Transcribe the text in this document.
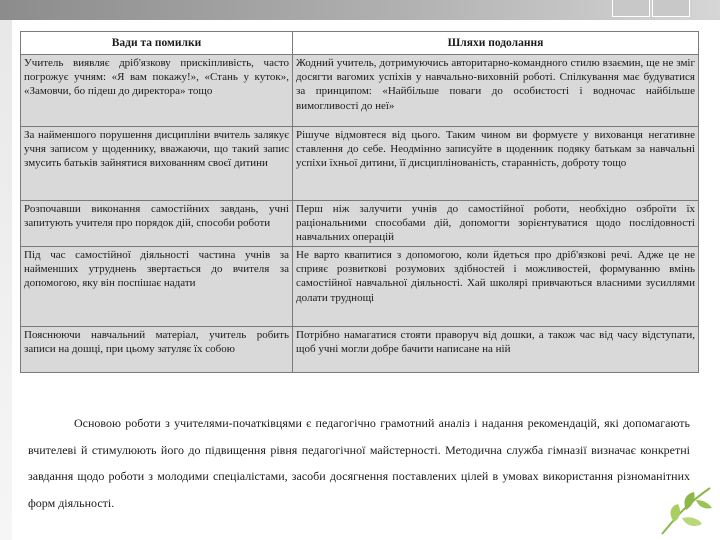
Вади та помилки	Шляхи подолання
Учитель виявляє дріб'язкову прискіпливість, часто погрожує учням: «Я вам покажу!», «Стань у куток», «Замовчи, бо підеш до директора» тощо	Жодний учитель, дотримуючись авторитарно-командного стилю взаємин, ще не зміг досягти вагомих успіхів у навчально-виховній роботі. Спілкування має будуватися за принципом: «Найбільше поваги до особистості і водночас найбільше вимогливості до неї»
За найменшого порушення дисципліни вчитель залякує учня записом у щоденнику, вважаючи, що такий запис змусить батьків зайнятися вихованням своєї дитини	Рішуче відмовтеся від цього. Таким чином ви формуєте у вихованця негативне ставлення до себе. Неодмінно записуйте в щоденник подяку батькам за навчальні успіхи їхньої дитини, її дисциплінованість, старанність, доброту тощо
Розпочавши виконання самостійних завдань, учні запитують учителя про порядок дій, способи роботи	Перш ніж залучити учнів до самостійної роботи, необхідно озброїти їх раціональними способами дій, допомогти зорієнтуватися щодо послідовності навчальних операцій
Під час самостійної діяльності частина учнів за найменших утруднень звертається до вчителя за допомогою, яку він поспішає надати	Не варто квапитися з допомогою, коли йдеться про дріб'язкові речі. Адже це не сприяє розвиткові розумових здібностей і можливостей, формуванню вмінь самостійної навчальної діяльності. Хай школярі привчаються власними зусиллями долати труднощі
Пояснюючи навчальний матеріал, учитель робить записи на дошці, при цьому затуляє їх собою	Потрібно намагатися стояти праворуч від дошки, а також час від часу відступати, щоб учні могли добре бачити написане на ній

Основою роботи з учителями-початківцями є педагогічно грамотний аналіз і надання рекомендацій, які допомагають вчителеві й стимулюють його до підвищення рівня педагогічної майстерності. Методична служба гімназії визначає конкретні завдання щодо роботи з молодими спеціалістами, засоби досягнення поставлених цілей в умовах використання різноманітних форм діяльності.
